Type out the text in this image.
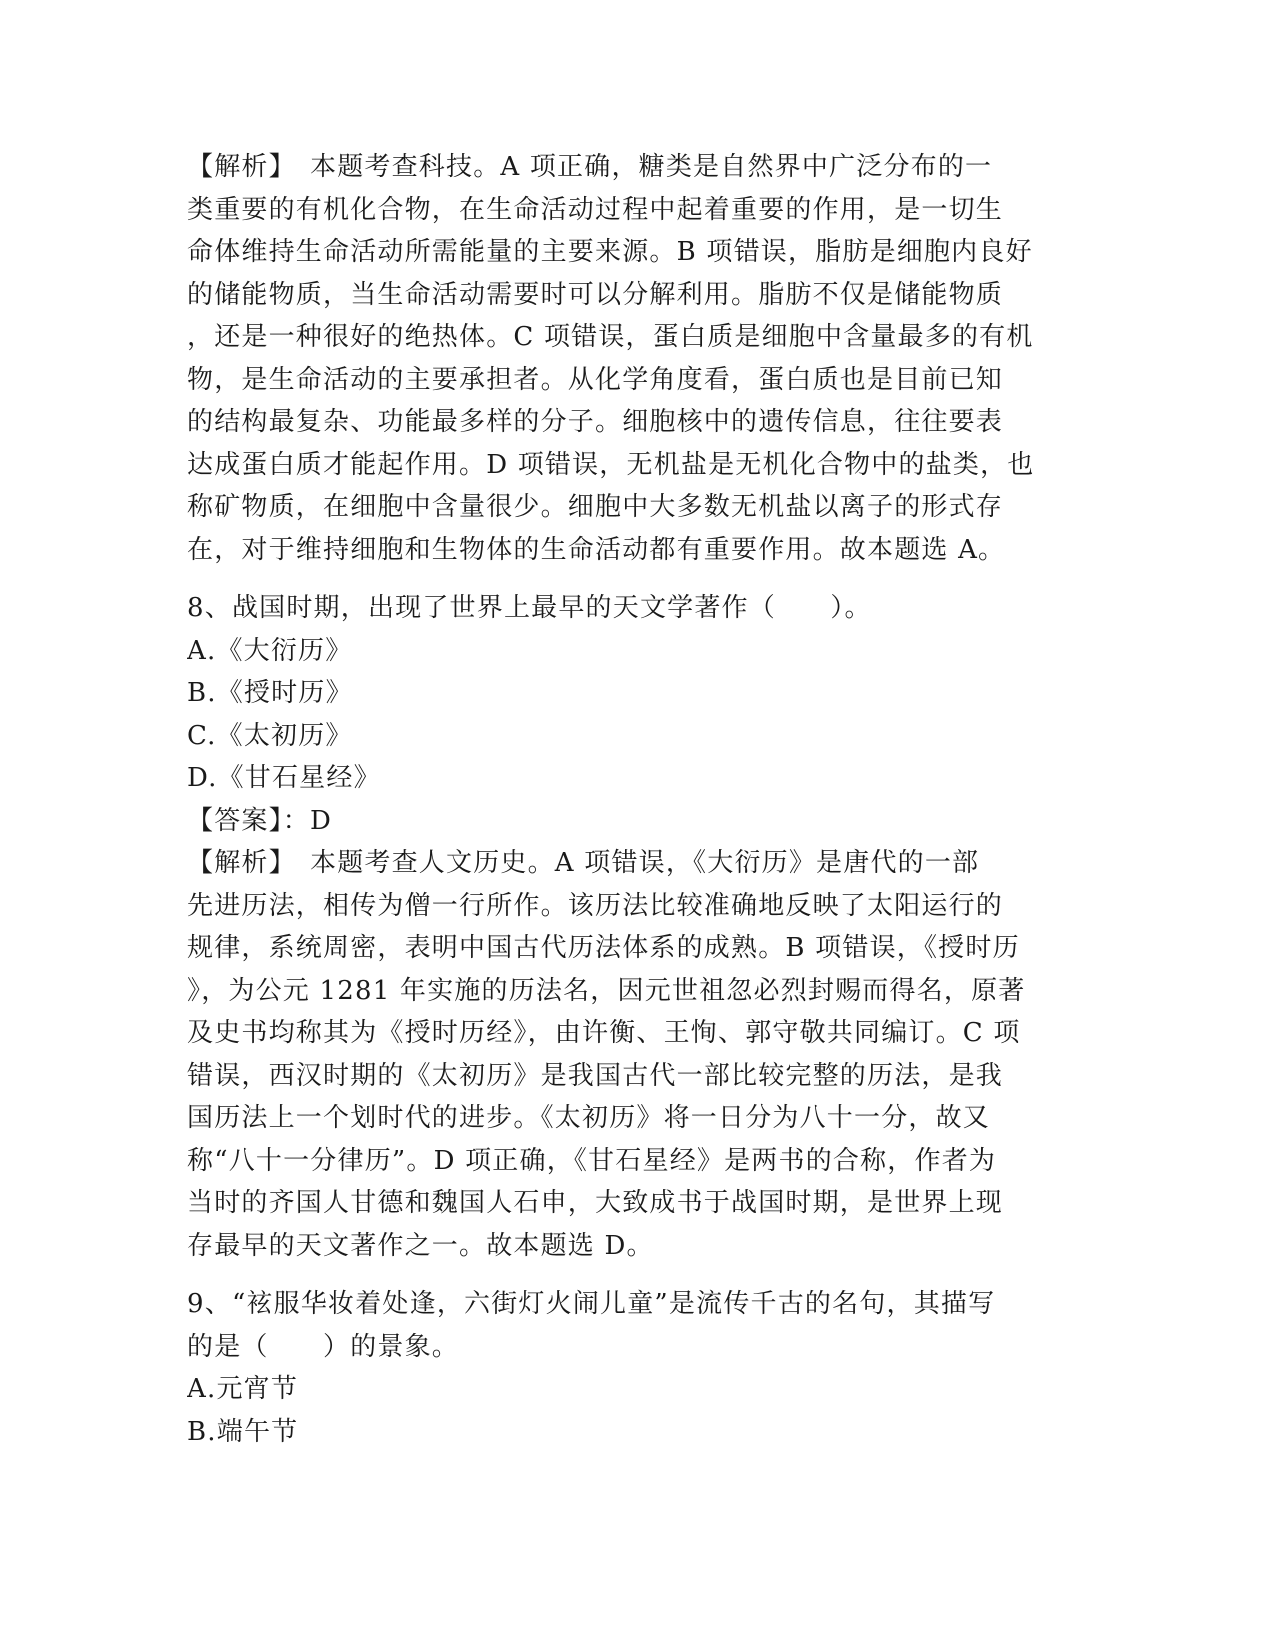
【解析】　本题考查科技。A 项正确，糖类是自然界中广泛分布的一
类重要的有机化合物，在生命活动过程中起着重要的作用，是一切生
命体维持生命活动所需能量的主要来源。B 项错误，脂肪是细胞内良好
的储能物质，当生命活动需要时可以分解利用。脂肪不仅是储能物质
，还是一种很好的绝热体。C 项错误，蛋白质是细胞中含量最多的有机
物，是生命活动的主要承担者。从化学角度看，蛋白质也是目前已知
的结构最复杂、功能最多样的分子。细胞核中的遗传信息，往往要表
达成蛋白质才能起作用。D 项错误，无机盐是无机化合物中的盐类，也
称矿物质，在细胞中含量很少。细胞中大多数无机盐以离子的形式存
在，对于维持细胞和生物体的生命活动都有重要作用。故本题选 A。
8、战国时期，出现了世界上最早的天文学著作（　　）。
A.《大衍历》
B.《授时历》
C.《太初历》
D.《甘石星经》
【答案】：D
【解析】　本题考查人文历史。A 项错误，《大衍历》是唐代的一部
先进历法，相传为僧一行所作。该历法比较准确地反映了太阳运行的
规律，系统周密，表明中国古代历法体系的成熟。B 项错误，《授时历
》，为公元 1281 年实施的历法名，因元世祖忽必烈封赐而得名，原著
及史书均称其为《授时历经》，由许衡、王恂、郭守敬共同编订。C 项
错误，西汉时期的《太初历》是我国古代一部比较完整的历法，是我
国历法上一个划时代的进步。《太初历》将一日分为八十一分，故又
称“八十一分律历”。D 项正确，《甘石星经》是两书的合称，作者为
当时的齐国人甘德和魏国人石申，大致成书于战国时期，是世界上现
存最早的天文著作之一。故本题选 D。
9、“袨服华妆着处逢，六街灯火闹儿童”是流传千古的名句，其描写
的是（　　）的景象。
A.元宵节
B.端午节
